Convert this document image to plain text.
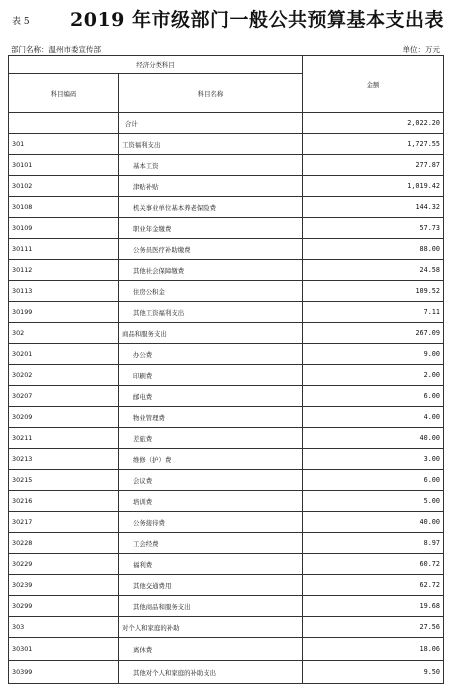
表 5 2019 年市级部门一般公共预算基本支出表
部门名称：温州市委宣传部	单位：万元
经济分类科目		金额
科目编码	科目名称	
	合计	2,022.20
301	工资福利支出	1,727.55
30101	基本工资	277.87
30102	津贴补贴	1,019.42
30108	机关事业单位基本养老保险费	144.32
30109	职业年金缴费	57.73
30111	公务员医疗补助缴费	88.00
30112	其他社会保障缴费	24.58
30113	住房公积金	109.52
30199	其他工资福利支出	7.11
302	商品和服务支出	267.09
30201	办公费	9.00
30202	印刷费	2.00
30207	邮电费	6.00
30209	物业管理费	4.00
30211	差旅费	40.00
30213	维修（护）费	3.00
30215	会议费	6.00
30216	培训费	5.00
30217	公务接待费	40.00
30228	工会经费	8.97
30229	福利费	60.72
30239	其他交通费用	62.72
30299	其他商品和服务支出	19.68
303	对个人和家庭的补助	27.56
30301	离休费	18.06
30399	其他对个人和家庭的补助支出	9.50
